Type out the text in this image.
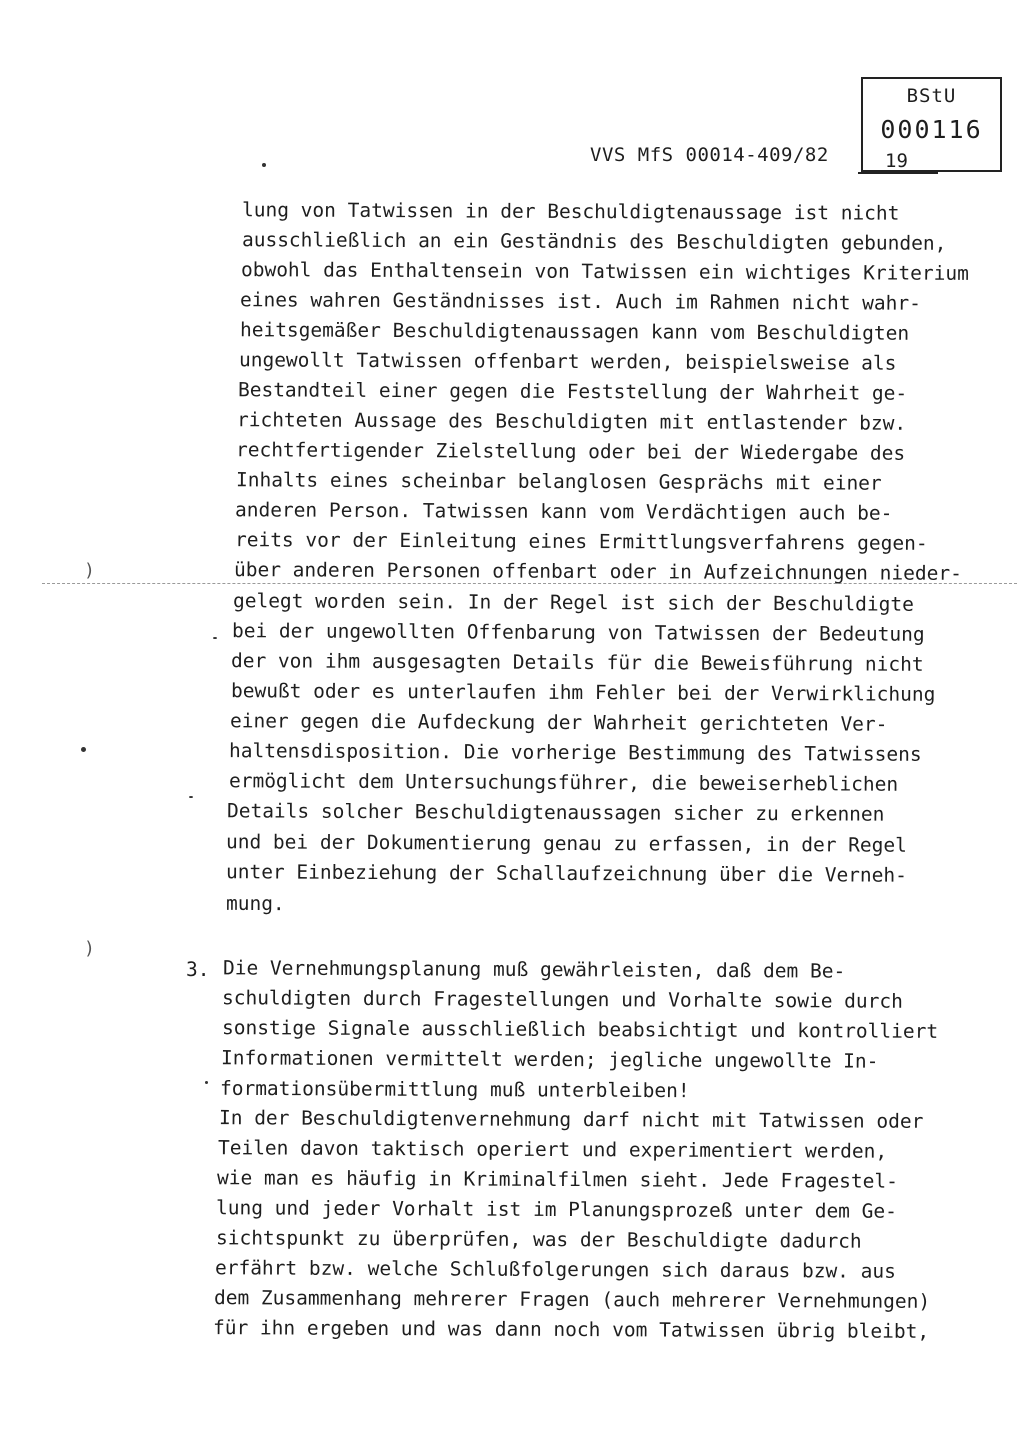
BStU
000116
VVS MfS 00014-409/82	19
)
)
lung von Tatwissen in der Beschuldigtenaussage ist nicht
ausschließlich an ein Geständnis des Beschuldigten gebunden,
obwohl das Enthaltensein von Tatwissen ein wichtiges Kriterium
eines wahren Geständnisses ist. Auch im Rahmen nicht wahr-
heitsgemäßer Beschuldigtenaussagen kann vom Beschuldigten
ungewollt Tatwissen offenbart werden, beispielsweise als
Bestandteil einer gegen die Feststellung der Wahrheit ge-
richteten Aussage des Beschuldigten mit entlastender bzw.
rechtfertigender Zielstellung oder bei der Wiedergabe des
Inhalts eines scheinbar belanglosen Gesprächs mit einer
anderen Person. Tatwissen kann vom Verdächtigen auch be-
reits vor der Einleitung eines Ermittlungsverfahrens gegen-
über anderen Personen offenbart oder in Aufzeichnungen nieder-
gelegt worden sein. In der Regel ist sich der Beschuldigte
bei der ungewollten Offenbarung von Tatwissen der Bedeutung
der von ihm ausgesagten Details für die Beweisführung nicht
bewußt oder es unterlaufen ihm Fehler bei der Verwirklichung
einer gegen die Aufdeckung der Wahrheit gerichteten Ver-
haltensdisposition. Die vorherige Bestimmung des Tatwissens
ermöglicht dem Untersuchungsführer, die beweiserheblichen
Details solcher Beschuldigtenaussagen sicher zu erkennen
und bei der Dokumentierung genau zu erfassen, in der Regel
unter Einbeziehung der Schallaufzeichnung über die Verneh-
mung.
3. Die Vernehmungsplanung muß gewährleisten, daß dem Be-
schuldigten durch Fragestellungen und Vorhalte sowie durch
sonstige Signale ausschließlich beabsichtigt und kontrolliert
Informationen vermittelt werden; jegliche ungewollte In-
formationsübermittlung muß unterbleiben!
In der Beschuldigtenvernehmung darf nicht mit Tatwissen oder
Teilen davon taktisch operiert und experimentiert werden,
wie man es häufig in Kriminalfilmen sieht. Jede Fragestel-
lung und jeder Vorhalt ist im Planungsprozeß unter dem Ge-
sichtspunkt zu überprüfen, was der Beschuldigte dadurch
erfährt bzw. welche Schlußfolgerungen sich daraus bzw. aus
dem Zusammenhang mehrerer Fragen (auch mehrerer Vernehmungen)
für ihn ergeben und was dann noch vom Tatwissen übrig bleibt,
